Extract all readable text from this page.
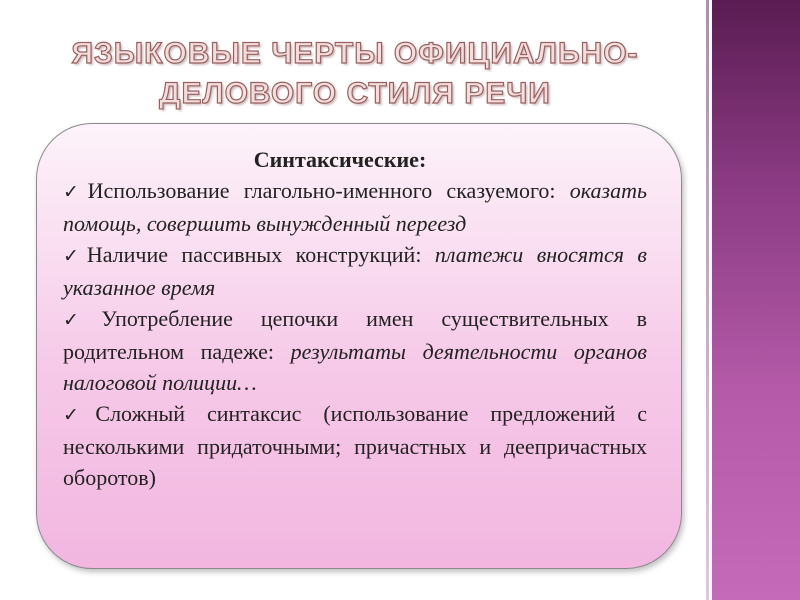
ЯЗЫКОВЫЕ ЧЕРТЫ ОФИЦИАЛЬНО-
ДЕЛОВОГО СТИЛЯ РЕЧИ
Синтаксические:
✓Использование глагольно-именного сказуемого: оказать помощь, совершить вынужденный переезд
✓Наличие пассивных конструкций: платежи вносятся в указанное время
✓Употребление цепочки имен существительных в родительном падеже: результаты деятельности органов налоговой полиции…
✓Сложный синтаксис (использование предложений с несколькими придаточными; причастных и деепричастных оборотов)
